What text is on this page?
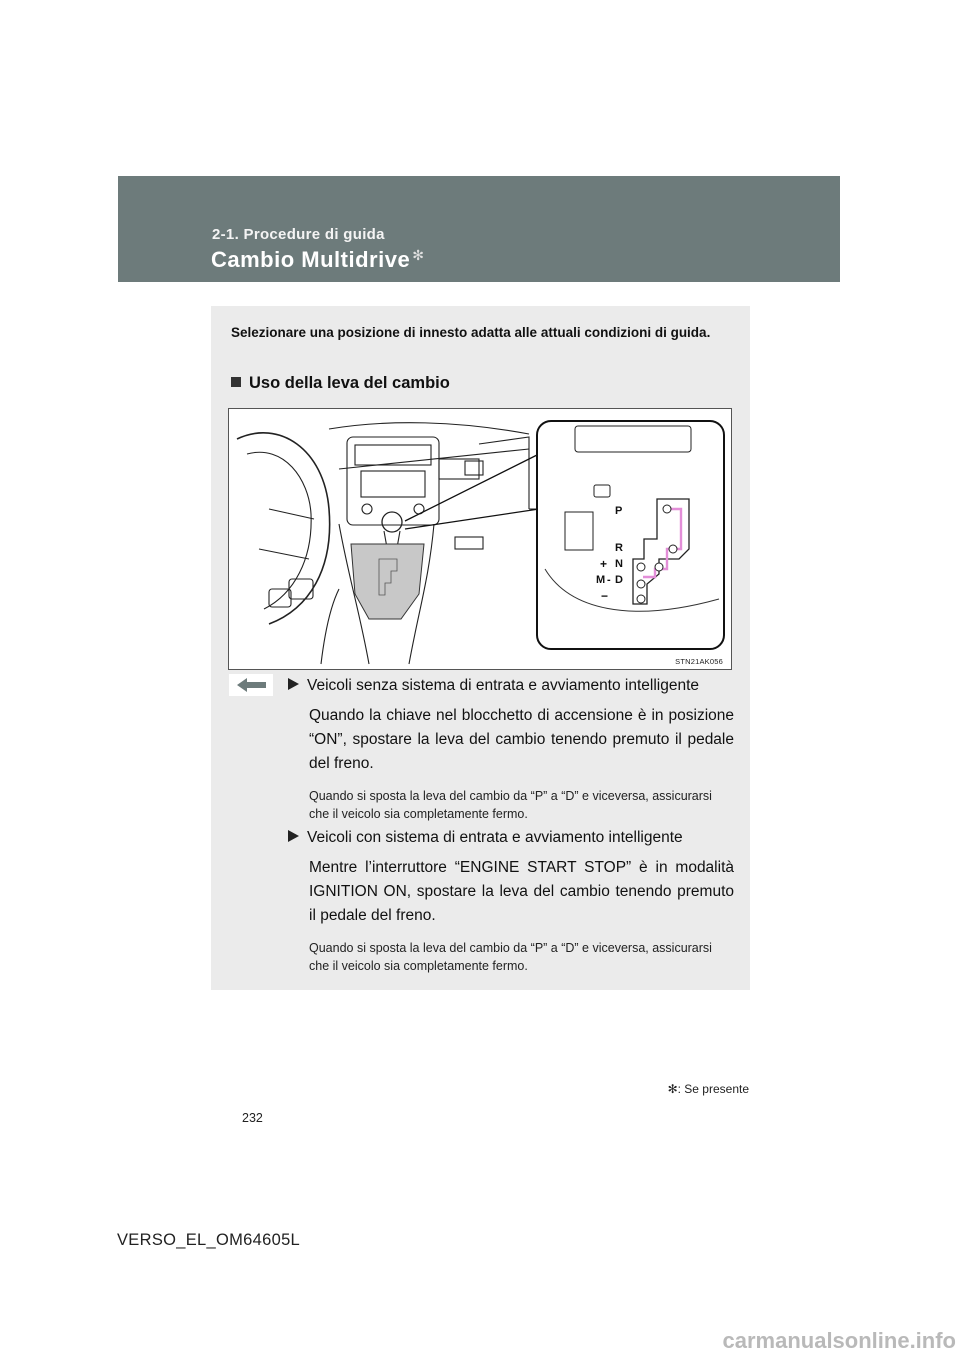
2-1. Procedure di guida
Cambio Multidrive ✻
Selezionare una posizione di innesto adatta alle attuali condizioni di guida.
Uso della leva del cambio
P
R
N
D
+
M -
−
STN21AK056
Veicoli senza sistema di entrata e avviamento intelligente
Quando la chiave nel blocchetto di accensione è in posizione “ON”, spostare la leva del cambio tenendo premuto il pedale del freno.
Quando si sposta la leva del cambio da “P” a “D” e viceversa, assicurarsi che il veicolo sia completamente fermo.
Veicoli con sistema di entrata e avviamento intelligente
Mentre l’interruttore “ENGINE START STOP” è in modalità IGNITION ON, spostare la leva del cambio tenendo premuto il pedale del freno.
Quando si sposta la leva del cambio da “P” a “D” e viceversa, assicurarsi che il veicolo sia completamente fermo.
✻: Se presente
232
VERSO_EL_OM64605L
carmanualsonline.info
